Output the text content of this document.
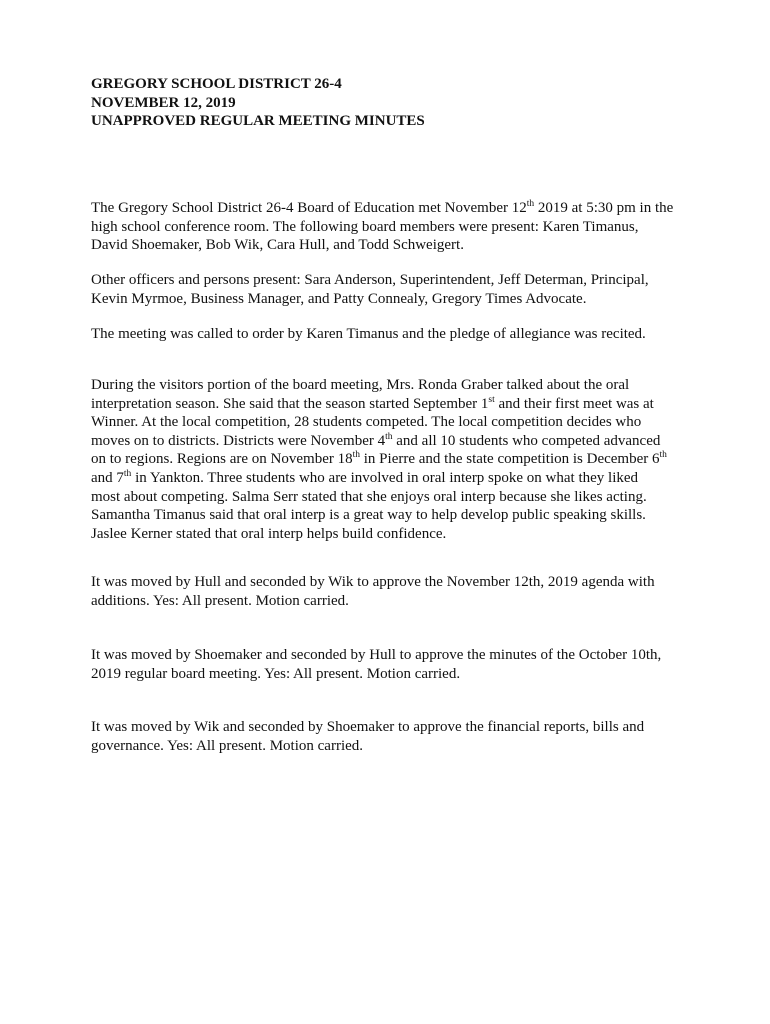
GREGORY SCHOOL DISTRICT 26-4
NOVEMBER 12, 2019
UNAPPROVED REGULAR MEETING MINUTES
The Gregory School District 26-4 Board of Education met November 12th 2019 at 5:30 pm in the
high school conference room. The following board members were present: Karen Timanus,
David Shoemaker, Bob Wik, Cara Hull, and Todd Schweigert.
Other officers and persons present: Sara Anderson, Superintendent, Jeff Determan, Principal,
Kevin Myrmoe, Business Manager, and Patty Connealy, Gregory Times Advocate.
The meeting was called to order by Karen Timanus and the pledge of allegiance was recited.
During the visitors portion of the board meeting, Mrs. Ronda Graber talked about the oral
interpretation season. She said that the season started September 1st and their first meet was at
Winner. At the local competition, 28 students competed. The local competition decides who
moves on to districts. Districts were November 4th and all 10 students who competed advanced
on to regions. Regions are on November 18th in Pierre and the state competition is December 6th
and 7th in Yankton. Three students who are involved in oral interp spoke on what they liked
most about competing. Salma Serr stated that she enjoys oral interp because she likes acting.
Samantha Timanus said that oral interp is a great way to help develop public speaking skills.
Jaslee Kerner stated that oral interp helps build confidence.
It was moved by Hull and seconded by Wik to approve the November 12th, 2019 agenda with
additions. Yes: All present. Motion carried.
It was moved by Shoemaker and seconded by Hull to approve the minutes of the October 10th,
2019 regular board meeting. Yes: All present. Motion carried.
It was moved by Wik and seconded by Shoemaker to approve the financial reports, bills and
governance. Yes: All present. Motion carried.
